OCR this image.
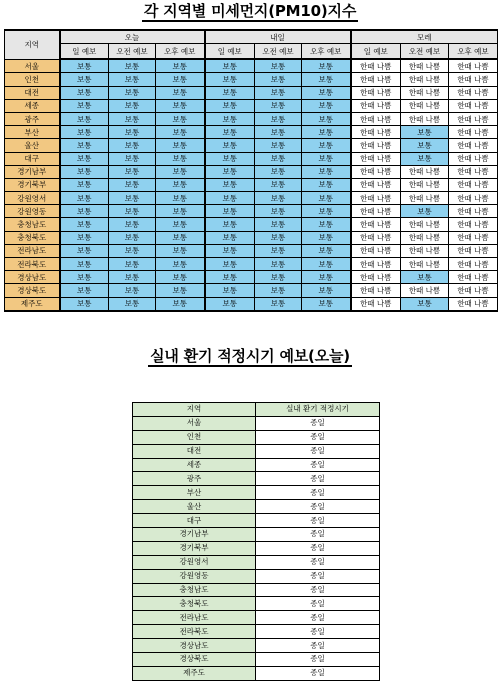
각 지역별 미세먼지(PM10)지수
지역	오늘			내일			모레		
	일 예보	오전 예보	오후 예보	일 예보	오전 예보	오후 예보	일 예보	오전 예보	오후 예보
서울	보통	보통	보통	보통	보통	보통	한때 나쁨	한때 나쁨	한때 나쁨
인천	보통	보통	보통	보통	보통	보통	한때 나쁨	한때 나쁨	한때 나쁨
대전	보통	보통	보통	보통	보통	보통	한때 나쁨	한때 나쁨	한때 나쁨
세종	보통	보통	보통	보통	보통	보통	한때 나쁨	한때 나쁨	한때 나쁨
광주	보통	보통	보통	보통	보통	보통	한때 나쁨	한때 나쁨	한때 나쁨
부산	보통	보통	보통	보통	보통	보통	한때 나쁨	보통	한때 나쁨
울산	보통	보통	보통	보통	보통	보통	한때 나쁨	보통	한때 나쁨
대구	보통	보통	보통	보통	보통	보통	한때 나쁨	보통	한때 나쁨
경기남부	보통	보통	보통	보통	보통	보통	한때 나쁨	한때 나쁨	한때 나쁨
경기북부	보통	보통	보통	보통	보통	보통	한때 나쁨	한때 나쁨	한때 나쁨
강원영서	보통	보통	보통	보통	보통	보통	한때 나쁨	한때 나쁨	한때 나쁨
강원영동	보통	보통	보통	보통	보통	보통	한때 나쁨	보통	한때 나쁨
충청남도	보통	보통	보통	보통	보통	보통	한때 나쁨	한때 나쁨	한때 나쁨
충청북도	보통	보통	보통	보통	보통	보통	한때 나쁨	한때 나쁨	한때 나쁨
전라남도	보통	보통	보통	보통	보통	보통	한때 나쁨	한때 나쁨	한때 나쁨
전라북도	보통	보통	보통	보통	보통	보통	한때 나쁨	한때 나쁨	한때 나쁨
경상남도	보통	보통	보통	보통	보통	보통	한때 나쁨	보통	한때 나쁨
경상북도	보통	보통	보통	보통	보통	보통	한때 나쁨	한때 나쁨	한때 나쁨
제주도	보통	보통	보통	보통	보통	보통	한때 나쁨	보통	한때 나쁨
실내 환기 적정시기 예보(오늘)
지역	실내 환기 적정시기
서울	종일
인천	종일
대전	종일
세종	종일
광주	종일
부산	종일
울산	종일
대구	종일
경기남부	종일
경기북부	종일
강원영서	종일
강원영동	종일
충청남도	종일
충청북도	종일
전라남도	종일
전라북도	종일
경상남도	종일
경상북도	종일
제주도	종일
